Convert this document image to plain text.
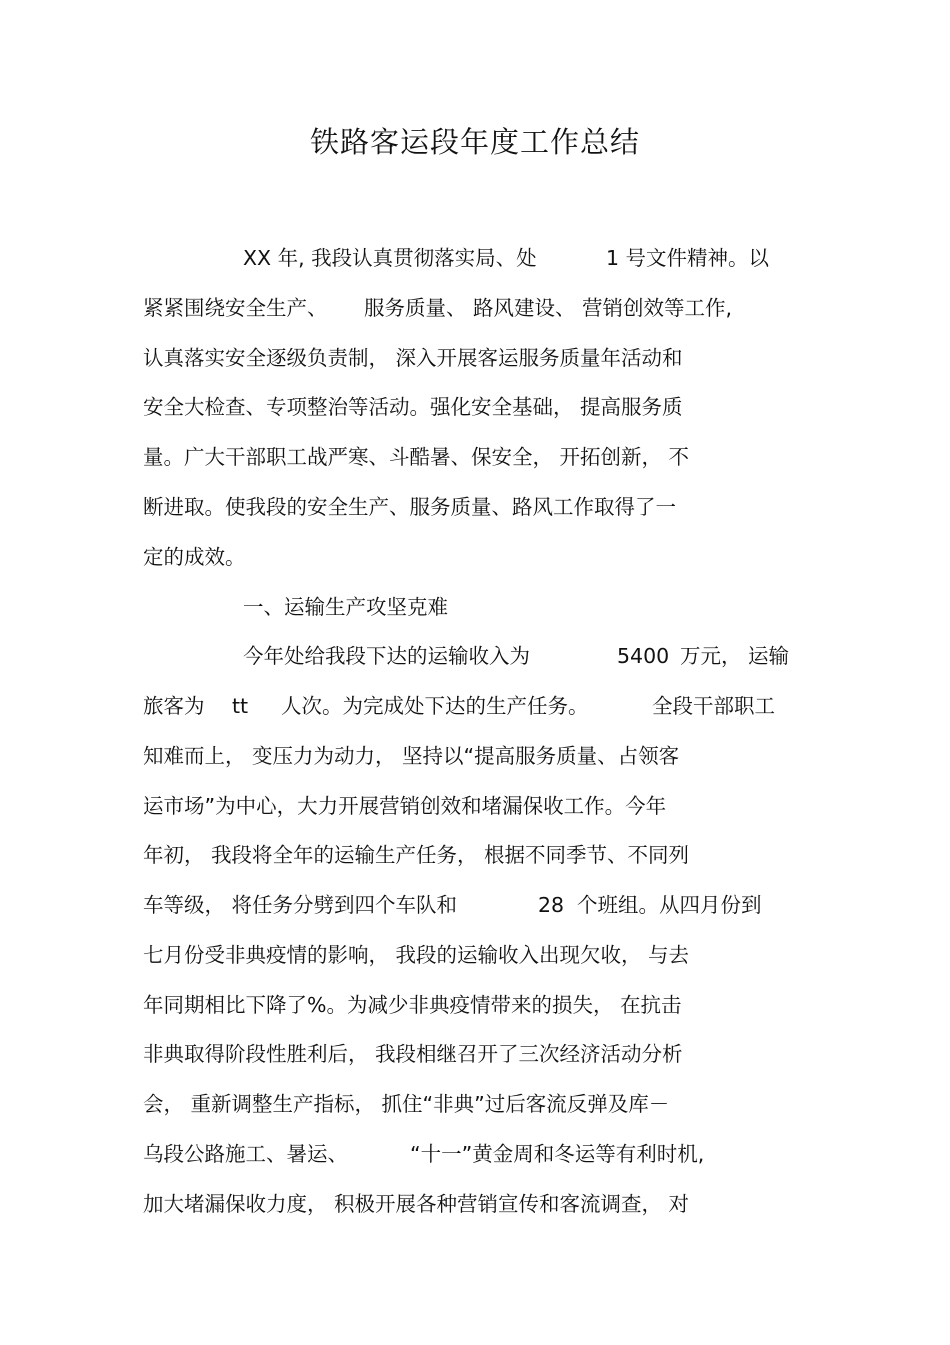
铁路客运段年度工作总结
XX 年, 我段认真贯彻落实局、处	1 号文件精神。以
紧紧围绕安全生产、 服务质量、 路风建设、 营销创效等工作,
认真落实安全逐级负责制， 深入开展客运服务质量年活动和
安全大检查、专项整治等活动。强化安全基础， 提高服务质
量。广大干部职工战严寒、斗酷暑、保安全， 开拓创新， 不
断进取。使我段的安全生产、服务质量、路风工作取得了一
定的成效。
一、运输生产攻坚克难
今年处给我段下达的运输收入为	5400 万元， 运输
旅客为 tt 人次。为完成处下达的生产任务。	全段干部职工
知难而上， 变压力为动力， 坚持以“提高服务质量、占领客
运市场”为中心，大力开展营销创效和堵漏保收工作。今年
年初， 我段将全年的运输生产任务， 根据不同季节、不同列
车等级， 将任务分劈到四个车队和	28 个班组。从四月份到
七月份受非典疫情的影响， 我段的运输收入出现欠收， 与去
年同期相比下降了%。为减少非典疫情带来的损失， 在抗击
非典取得阶段性胜利后， 我段相继召开了三次经济活动分析
会， 重新调整生产指标， 抓住“非典”过后客流反弹及库－
乌段公路施工、暑运、	“十一”黄金周和冬运等有利时机,
加大堵漏保收力度， 积极开展各种营销宣传和客流调查， 对
